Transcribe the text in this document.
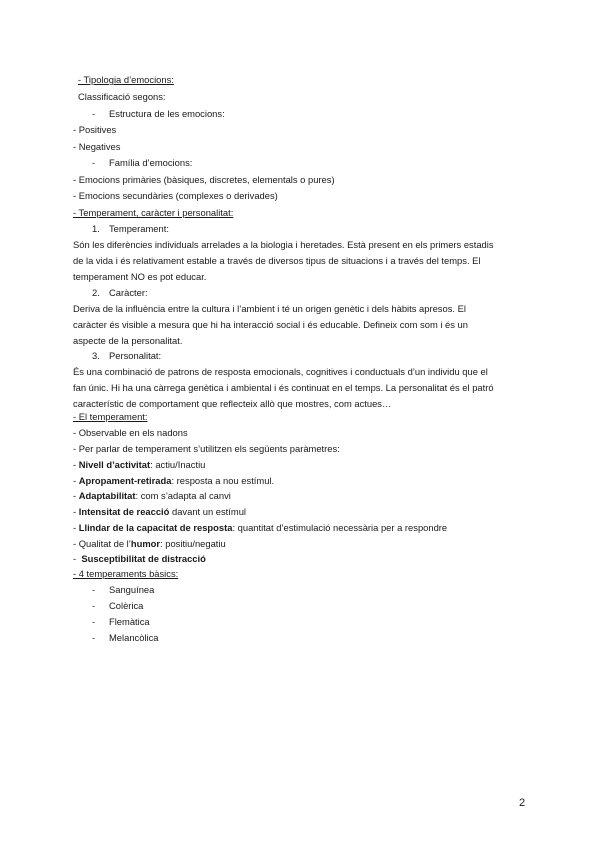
- Tipologia d’emocions:
Classificació segons:
- Estructura de les emocions:
- Positives
- Negatives
- Família d’emocions:
- Emocions primàries (bàsiques, discretes, elementals o pures)
- Emocions secundàries (complexes o derivades)
- Temperament, caràcter i personalitat:
1. Temperament:
Són les diferències individuals arrelades a la biologia i heretades. Està present en els primers estadis
de la vida i és relativament estable a través de diversos tipus de situacions i a través del temps. El
temperament NO es pot educar.
2. Caràcter:
Deriva de la influència entre la cultura i l’ambient i té un origen genètic i dels hàbits apresos. El
caràcter és visible a mesura que hi ha interacció social i és educable. Defineix com som i és un
aspecte de la personalitat.
3. Personalitat:
És una combinació de patrons de resposta emocionals, cognitives i conductuals d’un individu que el
fan únic. Hi ha una càrrega genètica i ambiental i és continuat en el temps. La personalitat és el patró
característic de comportament que reflecteix allò que mostres, com actues…
- El temperament:
- Observable en els nadons
- Per parlar de temperament s’utilitzen els següents paràmetres:
- Nivell d’activitat: actiu/Inactiu
- Apropament-retirada: resposta a nou estímul.
- Adaptabilitat: com s’adapta al canvi
- Intensitat de reacció davant un estímul
- Llindar de la capacitat de resposta: quantitat d’estimulació necessària per a respondre
- Qualitat de l’humor: positiu/negatiu
-  Susceptibilitat de distracció
- 4 temperaments bàsics:
- Sanguínea
- Colèrica
- Flemàtica
- Melancòlica
2
